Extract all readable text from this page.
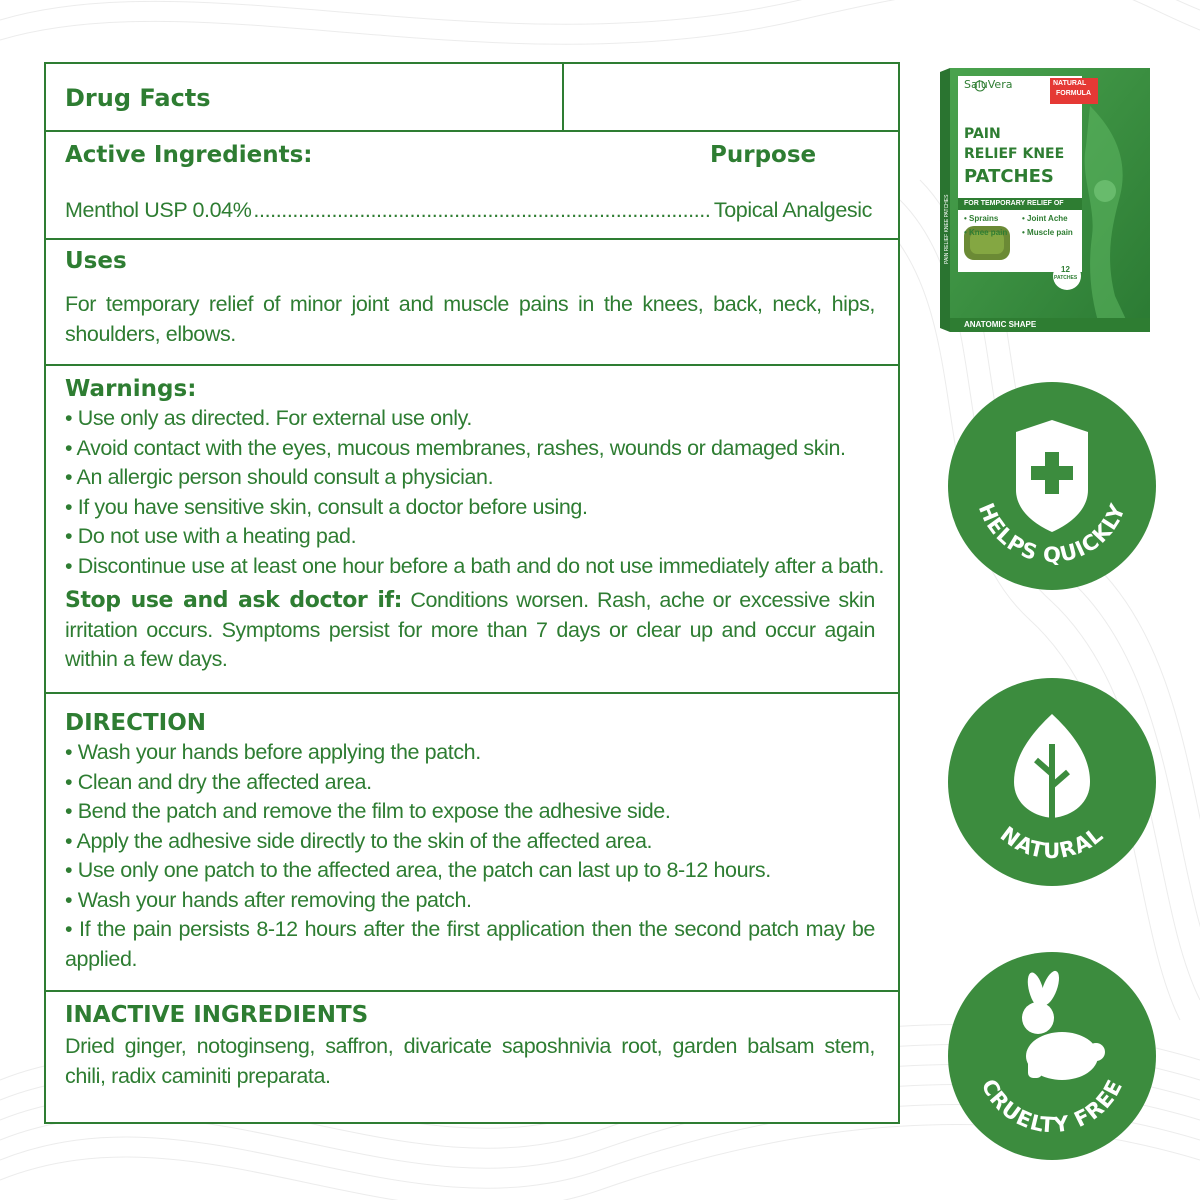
Drug Facts
Active Ingredients:	Purpose
Menthol USP 0.04%
.....	Topical Analgesic
Uses
For temporary relief of minor joint and muscle pains in the knees, back, neck, hips, shoulders, elbows.
Warnings:
• Use only as directed. For external use only.
• Avoid contact with the eyes, mucous membranes, rashes, wounds or damaged skin.
• An allergic person should consult a physician.
• If you have sensitive skin, consult a doctor before using.
• Do not use with a heating pad.
• Discontinue use at least one hour before a bath and do not use immediately after a bath.
Stop use and ask doctor if: Conditions worsen. Rash, ache or excessive skin irritation occurs. Symptoms persist for more than 7 days or clear up and occur again within a few days.
DIRECTION
• Wash your hands before applying the patch.
• Clean and dry the affected area.
• Bend the patch and remove the film to expose the adhesive side.
• Apply the adhesive side directly to the skin of the affected area.
• Use only one patch to the affected area, the patch can last up to 8-12 hours.
• Wash your hands after removing the patch.
• If the pain persists 8-12 hours after the first application then the second patch may be applied.
INACTIVE INGREDIENTS
Dried ginger, notoginseng, saffron, divaricate saposhnivia root, garden balsam stem, chili, radix caminiti preparata.
SaluVera	NATURAL
FORMULA
PAIN
RELIEF KNEE
PATCHES
PAIN RELIEF KNEE PATCHES FOR TEMPORARY RELIEF OF
• Sprains	• Joint Ache
• Knee pain • Muscle pain
12
PATCHES
ANATOMIC SHAPE
HELPS QUICKLY
NATURAL
CRUELTY FREE
